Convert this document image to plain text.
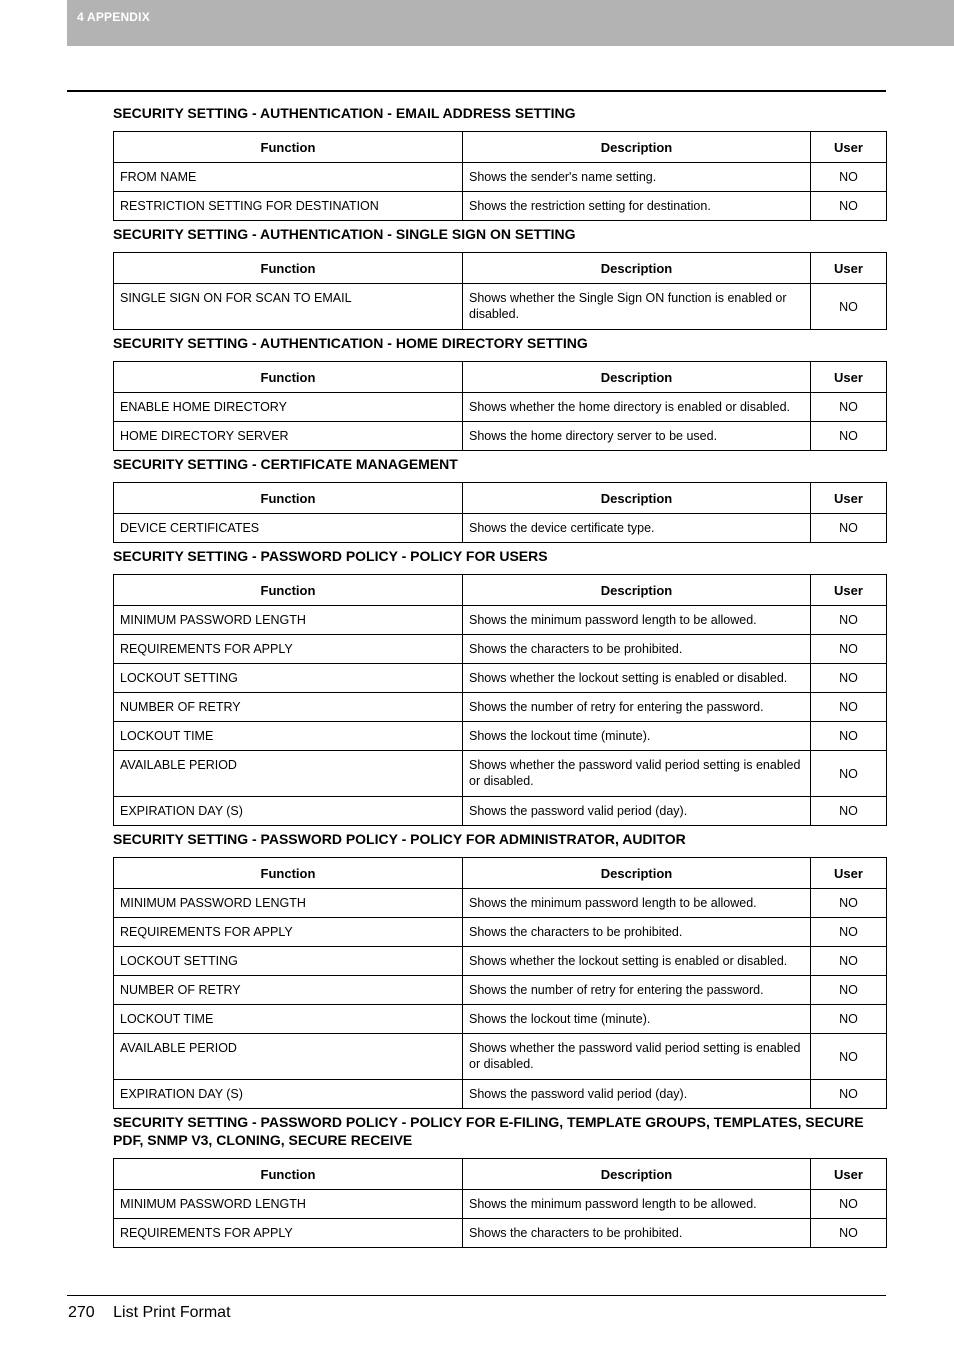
4 APPENDIX
SECURITY SETTING - AUTHENTICATION - EMAIL ADDRESS SETTING
Function	Description	User
FROM NAME	Shows the sender's name setting.	NO
RESTRICTION SETTING FOR DESTINATION	Shows the restriction setting for destination.	NO
SECURITY SETTING - AUTHENTICATION - SINGLE SIGN ON SETTING
Function	Description	User
SINGLE SIGN ON FOR SCAN TO EMAIL	Shows whether the Single Sign ON function is enabled or disabled.	NO
SECURITY SETTING - AUTHENTICATION - HOME DIRECTORY SETTING
Function	Description	User
ENABLE HOME DIRECTORY	Shows whether the home directory is enabled or disabled.	NO
HOME DIRECTORY SERVER	Shows the home directory server to be used.	NO
SECURITY SETTING - CERTIFICATE MANAGEMENT
Function	Description	User
DEVICE CERTIFICATES	Shows the device certificate type.	NO
SECURITY SETTING - PASSWORD POLICY - POLICY FOR USERS
Function	Description	User
MINIMUM PASSWORD LENGTH	Shows the minimum password length to be allowed.	NO
REQUIREMENTS FOR APPLY	Shows the characters to be prohibited.	NO
LOCKOUT SETTING	Shows whether the lockout setting is enabled or disabled.	NO
NUMBER OF RETRY	Shows the number of retry for entering the password.	NO
LOCKOUT TIME	Shows the lockout time (minute).	NO
AVAILABLE PERIOD	Shows whether the password valid period setting is enabled or disabled.	NO
EXPIRATION DAY (S)	Shows the password valid period (day).	NO
SECURITY SETTING - PASSWORD POLICY - POLICY FOR ADMINISTRATOR, AUDITOR
Function	Description	User
MINIMUM PASSWORD LENGTH	Shows the minimum password length to be allowed.	NO
REQUIREMENTS FOR APPLY	Shows the characters to be prohibited.	NO
LOCKOUT SETTING	Shows whether the lockout setting is enabled or disabled.	NO
NUMBER OF RETRY	Shows the number of retry for entering the password.	NO
LOCKOUT TIME	Shows the lockout time (minute).	NO
AVAILABLE PERIOD	Shows whether the password valid period setting is enabled or disabled.	NO
EXPIRATION DAY (S)	Shows the password valid period (day).	NO
SECURITY SETTING - PASSWORD POLICY - POLICY FOR E-FILING, TEMPLATE GROUPS, TEMPLATES, SECURE PDF, SNMP V3, CLONING, SECURE RECEIVE
Function	Description	User
MINIMUM PASSWORD LENGTH	Shows the minimum password length to be allowed.	NO
REQUIREMENTS FOR APPLY	Shows the characters to be prohibited.	NO
270 List Print Format
